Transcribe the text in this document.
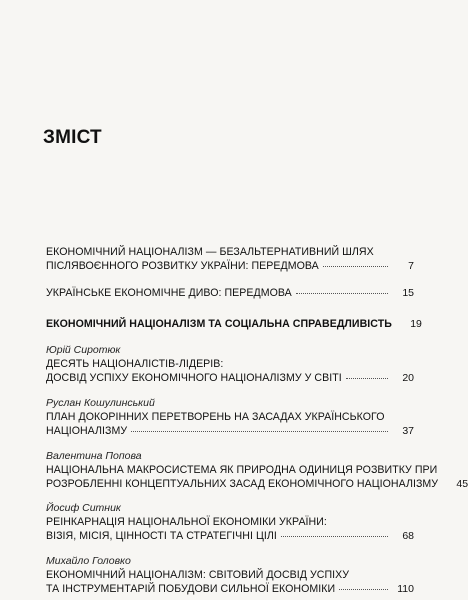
ЗМІСТ
ЕКОНОМІЧНИЙ НАЦІОНАЛІЗМ — БЕЗАЛЬТЕРНАТИВНИЙ ШЛЯХ
ПІСЛЯВОЄННОГО РОЗВИТКУ УКРАЇНИ: ПЕРЕДМОВА	7
УКРАЇНСЬКЕ ЕКОНОМІЧНЕ ДИВО: ПЕРЕДМОВА	15
ЕКОНОМІЧНИЙ НАЦІОНАЛІЗМ ТА СОЦІАЛЬНА СПРАВЕДЛИВІСТЬ	19
Юрій Сиротюк
ДЕСЯТЬ НАЦІОНАЛІСТІВ-ЛІДЕРІВ:
ДОСВІД УСПІХУ ЕКОНОМІЧНОГО НАЦІОНАЛІЗМУ У СВІТІ	20
Руслан Кошулинський
ПЛАН ДОКОРІННИХ ПЕРЕТВОРЕНЬ НА ЗАСАДАХ УКРАЇНСЬКОГО
НАЦІОНАЛІЗМУ	37
Валентина Попова
НАЦІОНАЛЬНА МАКРОСИСТЕМА ЯК ПРИРОДНА ОДИНИЦЯ РОЗВИТКУ ПРИ
РОЗРОБЛЕННІ КОНЦЕПТУАЛЬНИХ ЗАСАД ЕКОНОМІЧНОГО НАЦІОНАЛІЗМУ	45
Йосиф Ситник
РЕІНКАРНАЦІЯ НАЦІОНАЛЬНОЇ ЕКОНОМІКИ УКРАЇНИ:
ВІЗІЯ, МІСІЯ, ЦІННОСТІ ТА СТРАТЕГІЧНІ ЦІЛІ	68
Михайло Головко
ЕКОНОМІЧНИЙ НАЦІОНАЛІЗМ: СВІТОВИЙ ДОСВІД УСПІХУ
ТА ІНСТРУМЕНТАРІЙ ПОБУДОВИ СИЛЬНОЇ ЕКОНОМІКИ	110
